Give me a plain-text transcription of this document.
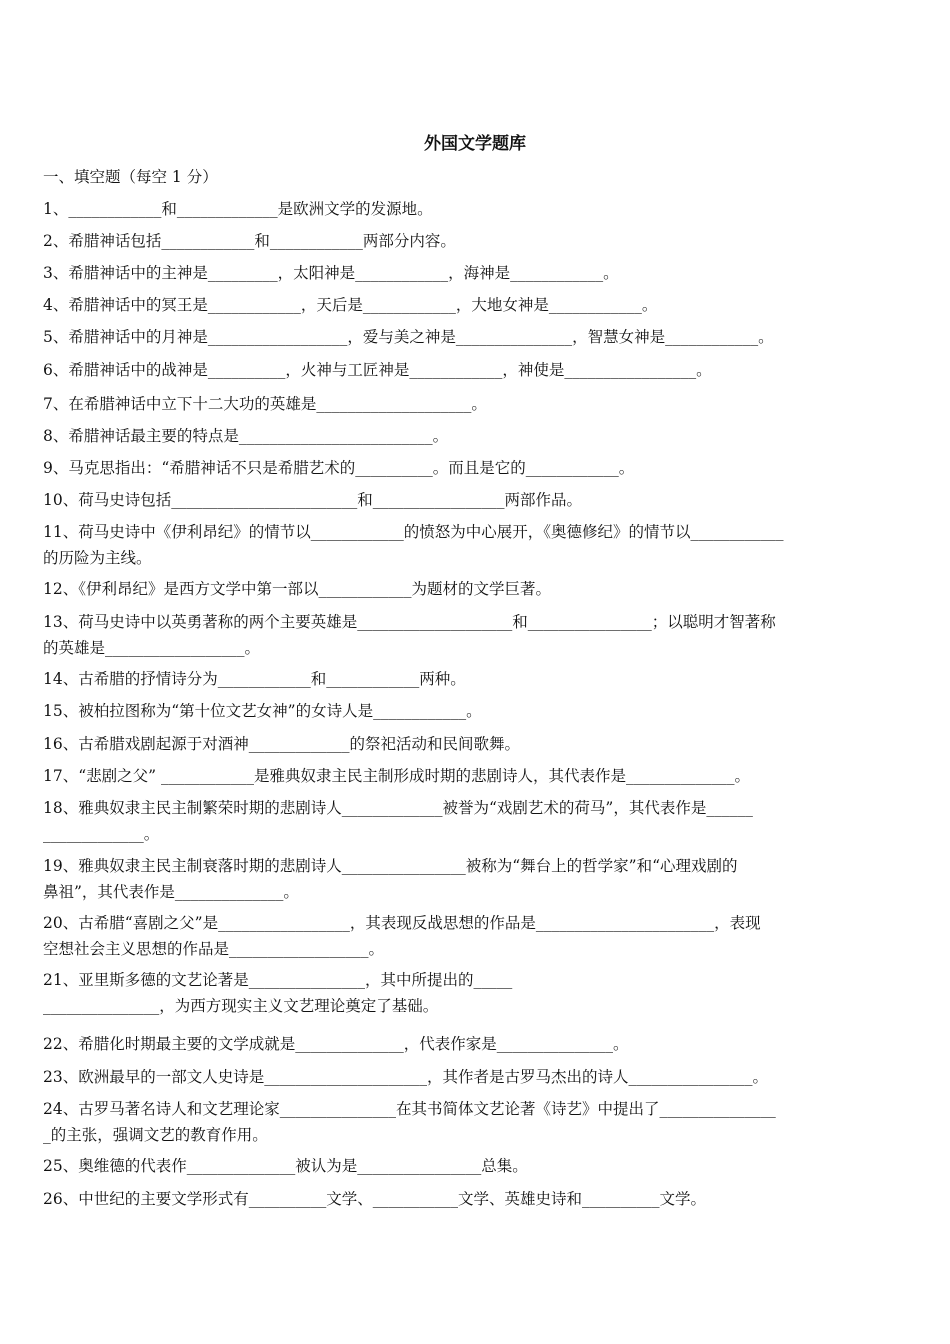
外国文学题库

一、填空题（每空 1 分）

1、____________和_____________是欧洲文学的发源地。
2、希腊神话包括____________和____________两部分内容。
3、希腊神话中的主神是_________，太阳神是____________，海神是____________。
4、希腊神话中的冥王是____________，天后是____________，大地女神是____________。
5、希腊神话中的月神是__________________，爱与美之神是_______________，智慧女神是____________。
6、希腊神话中的战神是__________，火神与工匠神是____________，神使是_________________。
7、在希腊神话中立下十二大功的英雄是____________________。
8、希腊神话最主要的特点是_________________________。
9、马克思指出：“希腊神话不只是希腊艺术的__________。而且是它的____________。
10、荷马史诗包括________________________和_________________两部作品。
11、荷马史诗中《伊利昂纪》的情节以____________的愤怒为中心展开，《奥德修纪》的情节以____________
的历险为主线。
12、《伊利昂纪》是西方文学中第一部以____________为题材的文学巨著。
13、荷马史诗中以英勇著称的两个主要英雄是____________________和________________；以聪明才智著称
的英雄是__________________。
14、古希腊的抒情诗分为____________和____________两种。
15、被柏拉图称为“第十位文艺女神”的女诗人是____________。
16、古希腊戏剧起源于对酒神_____________的祭祀活动和民间歌舞。
17、“悲剧之父” ____________是雅典奴隶主民主制形成时期的悲剧诗人，其代表作是______________。
18、雅典奴隶主民主制繁荣时期的悲剧诗人_____________被誉为“戏剧艺术的荷马”，其代表作是______
_____________。
19、雅典奴隶主民主制衰落时期的悲剧诗人________________被称为“舞台上的哲学家”和“心理戏剧的
鼻祖”，其代表作是______________。
20、古希腊“喜剧之父”是_________________，其表现反战思想的作品是_______________________，表现
空想社会主义思想的作品是__________________。
21、亚里斯多德的文艺论著是_______________，其中所提出的_____
_______________，为西方现实主义文艺理论奠定了基础。
22、希腊化时期最主要的文学成就是______________，代表作家是_______________。
23、欧洲最早的一部文人史诗是_____________________，其作者是古罗马杰出的诗人________________。
24、古罗马著名诗人和文艺理论家_______________在其书简体文艺论著《诗艺》中提出了_______________
_的主张，强调文艺的教育作用。
25、奥维德的代表作______________被认为是________________总集。
26、中世纪的主要文学形式有__________文学、___________文学、英雄史诗和__________文学。
